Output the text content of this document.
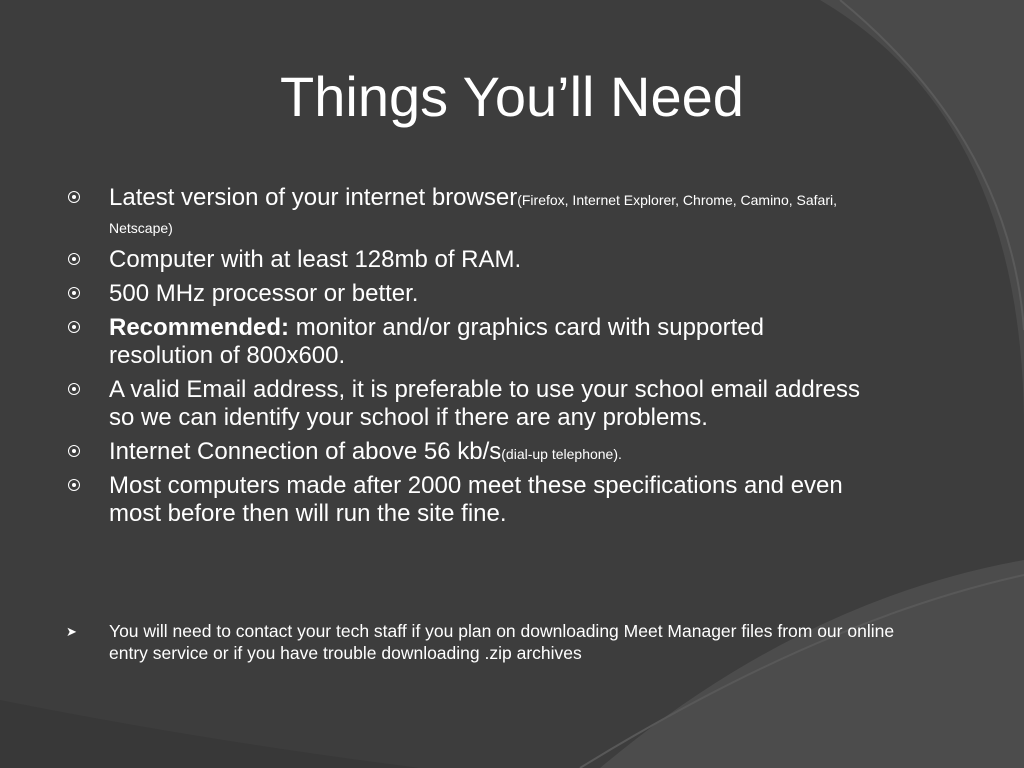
Things You’ll Need
Latest version of your internet browser(Firefox, Internet Explorer, Chrome, Camino, Safari, Netscape)
Computer with at least 128mb of RAM.
500 MHz processor or better.
Recommended: monitor and/or graphics card with supported resolution of 800x600.
A valid Email address, it is preferable to use your school email address so we can identify your school if there are any problems.
Internet Connection of above 56 kb/s(dial-up telephone).
Most computers made after 2000 meet these specifications and even most before then will run the site fine.

➤ You will need to contact your tech staff if you plan on downloading Meet Manager files from our online entry service or if you have trouble downloading .zip archives
